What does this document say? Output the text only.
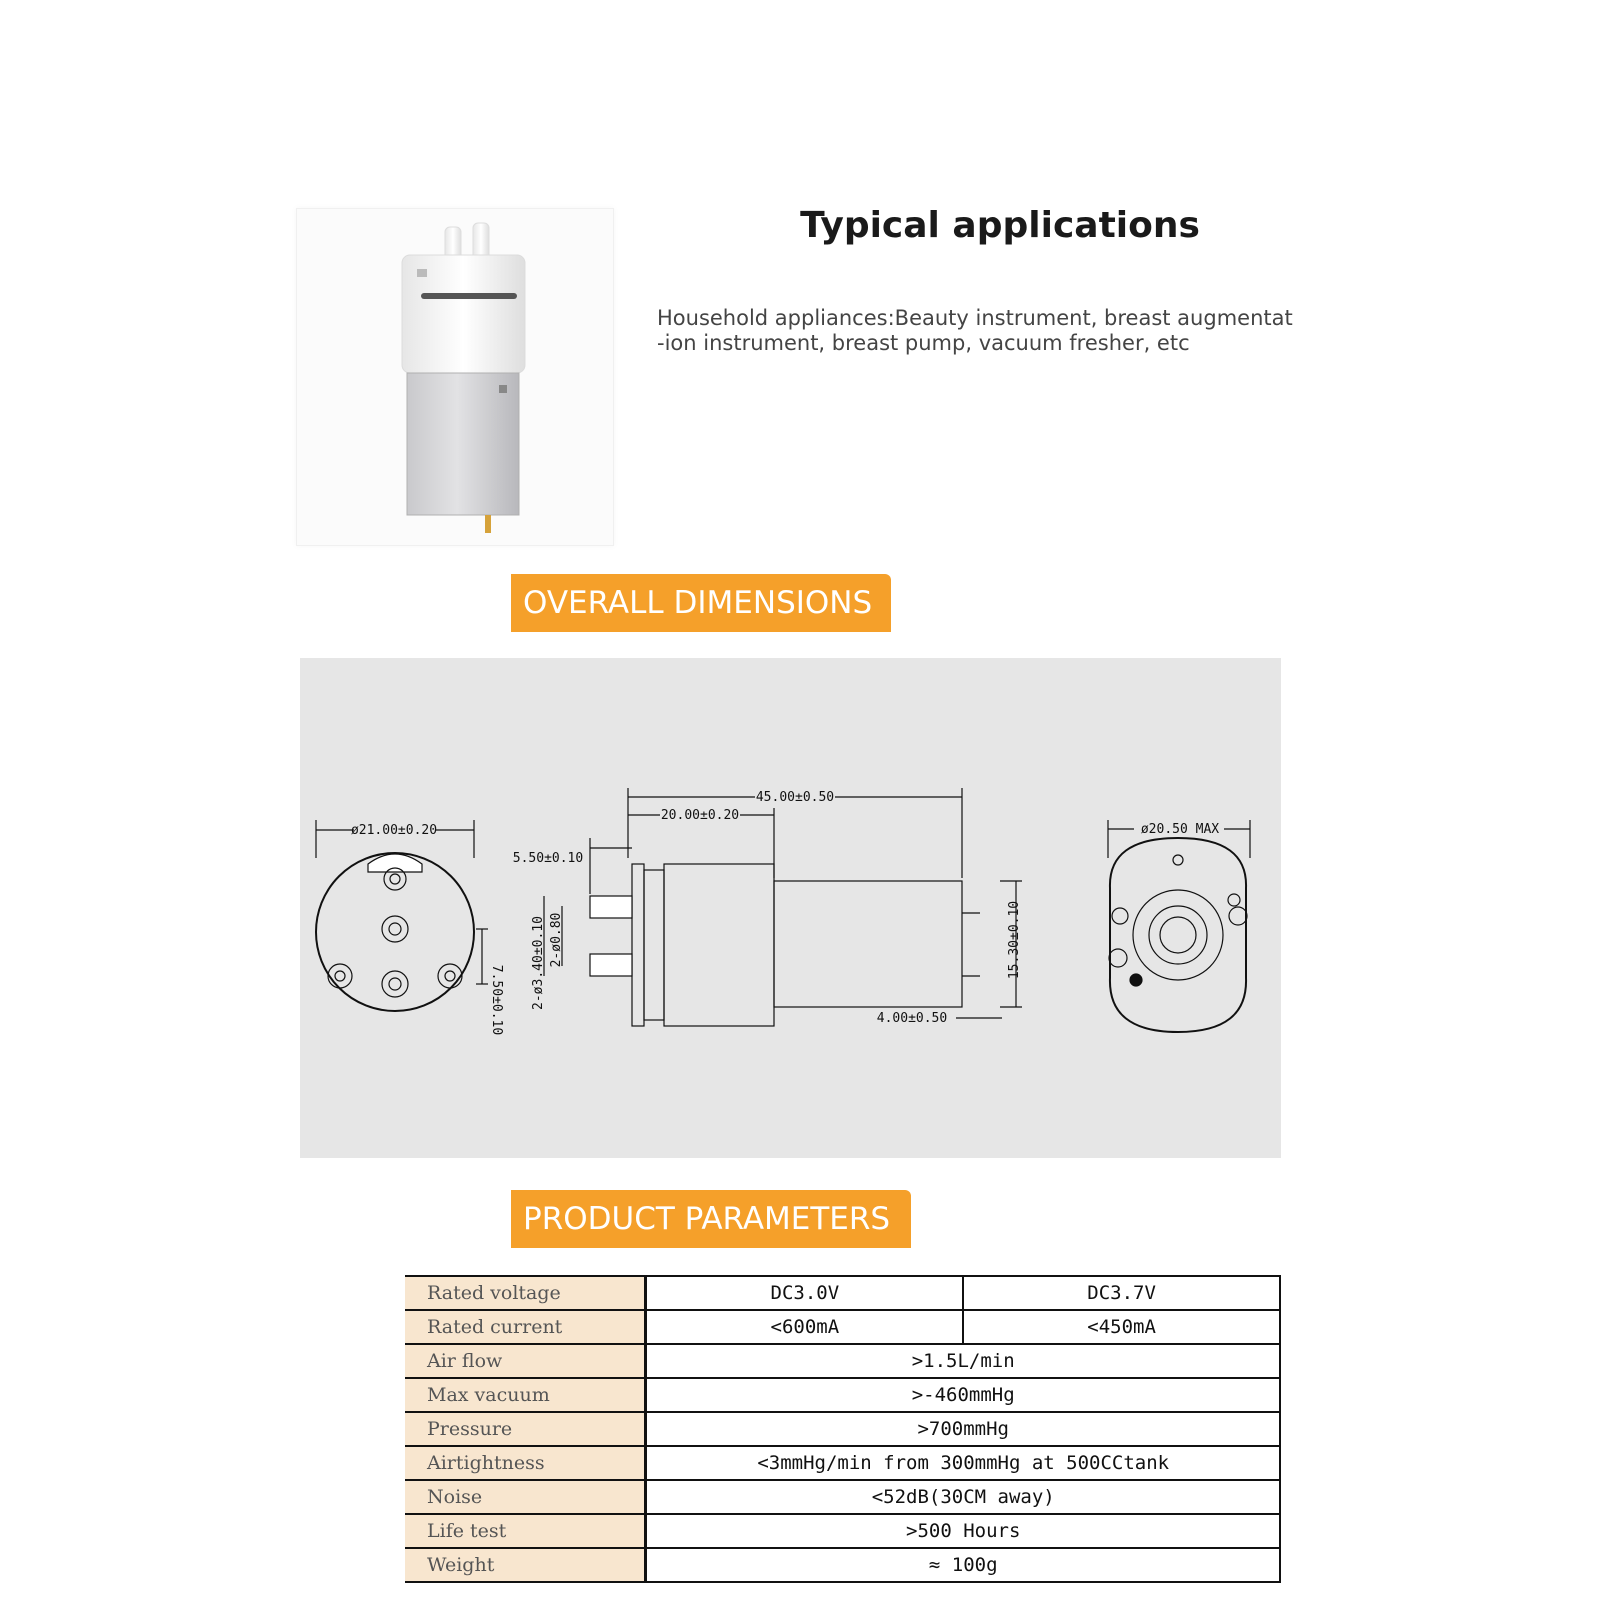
Typical applications
Household appliances:Beauty instrument, breast augmentat
-ion instrument, breast pump, vacuum fresher, etc
OVERALL DIMENSIONS
ø21.00±0.20
7.50±0.10
45.00±0.50
20.00±0.20
5.50±0.10
2-ø3.40±0.10 2-ø0.80
4.00±0.50
15.30±0.10
ø20.50 MAX
PRODUCT PARAMETERS
Rated voltage	DC3.0V	DC3.7V
Rated current	<600mA	<450mA
Air flow	>1.5L/min	
Max vacuum	>-460mmHg	
Pressure	>700mmHg	
Airtightness	<3mmHg/min from 300mmHg at 500CCtank	
Noise	<52dB(30CM away)	
Life test	>500 Hours	
Weight	≈ 100g	
